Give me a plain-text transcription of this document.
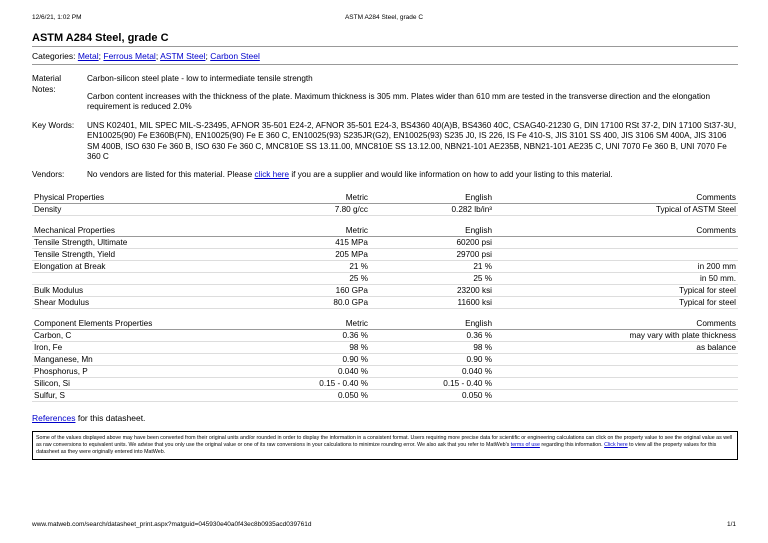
12/6/21, 1:02 PM	ASTM A284 Steel, grade C
ASTM A284 Steel, grade C
Categories: Metal; Ferrous Metal; ASTM Steel; Carbon Steel
Material
Notes:
Carbon-silicon steel plate - low to intermediate tensile strength
Carbon content increases with the thickness of the plate. Maximum thickness is 305 mm. Plates wider than 610 mm are tested in the transverse direction and the elongation requirement is reduced 2.0%
Key Words:	UNS K02401, MIL SPEC MIL-S-23495, AFNOR 35-501 E24-2, AFNOR 35-501 E24-3, BS4360 40(A)B, BS4360 40C, CSAG40-21230 G, DIN 17100 RSt 37-2, DIN 17100 St37-3U, EN10025(90) Fe E360B(FN), EN10025(90) Fe E 360 C, EN10025(93) S235JR(G2), EN10025(93) S235 J0, IS 226, IS Fe 410-S, JIS 3101 SS 400, JIS 3106 SM 400A, JIS 3106 SM 400B, ISO 630 Fe 360 B, ISO 630 Fe 360 C, MNC810E SS 13.11.00, MNC810E SS 13.12.00, NBN21-101 AE235B, NBN21-101 AE235 C, UNI 7070 Fe 360 B, UNI 7070 Fe 360 C
Vendors:	No vendors are listed for this material. Please click here if you are a supplier and would like information on how to add your listing to this material.
Physical Properties	Metric	English	Comments
Density	7.80 g/cc	0.282 lb/in³	Typical of ASTM Steel
Mechanical Properties	Metric	English	Comments
Tensile Strength, Ultimate	415 MPa	60200 psi	
Tensile Strength, Yield	205 MPa	29700 psi	
Elongation at Break	21 %	21 %	in 200 mm
	25 %	25 %	in 50 mm.
Bulk Modulus	160 GPa	23200 ksi	Typical for steel
Shear Modulus	80.0 GPa	11600 ksi	Typical for steel
Component Elements Properties	Metric	English	Comments
Carbon, C	0.36 %	0.36 %	may vary with plate thickness
Iron, Fe	98 %	98 %	as balance
Manganese, Mn	0.90 %	0.90 %	
Phosphorus, P	0.040 %	0.040 %	
Silicon, Si	0.15 - 0.40 %	0.15 - 0.40 %	
Sulfur, S	0.050 %	0.050 %	
References for this datasheet.
Some of the values displayed above may have been converted from their original units and/or rounded in order to display the information in a consistent format. Users requiring more precise data for scientific or engineering calculations can click on the property value to see the original value as well as raw conversions to equivalent units. We advise that you only use the original value or one of its raw conversions in your calculations to minimize rounding error. We also ask that you refer to MatWeb's terms of use regarding this information. Click here to view all the property values for this datasheet as they were originally entered into MatWeb.
www.matweb.com/search/datasheet_print.aspx?matguid=045930e40a0f43ec8b0935acd039761d	1/1
